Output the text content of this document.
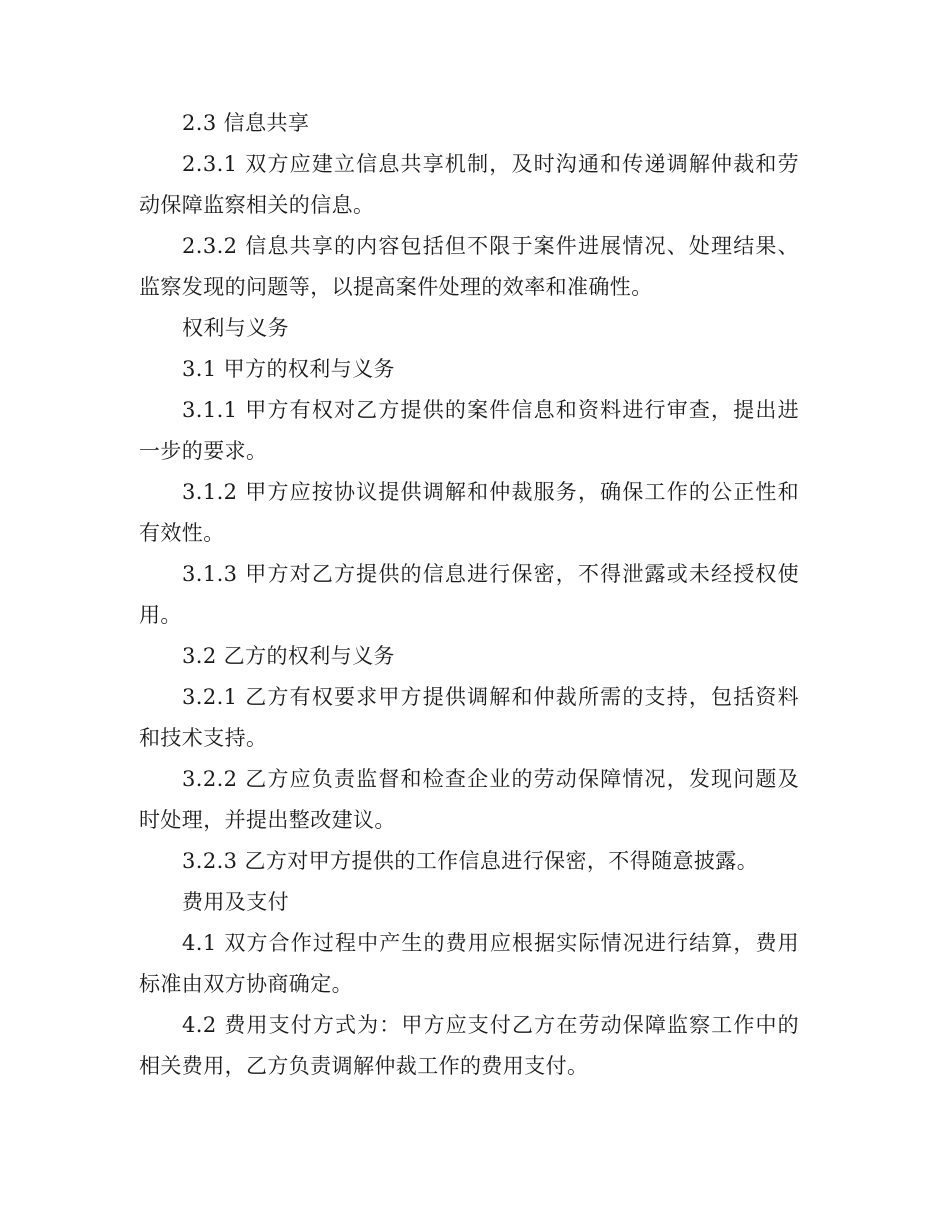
2.3 信息共享

2.3.1 双方应建立信息共享机制，及时沟通和传递调解仲裁和劳动保障监察相关的信息。

2.3.2 信息共享的内容包括但不限于案件进展情况、处理结果、监察发现的问题等，以提高案件处理的效率和准确性。

权利与义务

3.1 甲方的权利与义务

3.1.1 甲方有权对乙方提供的案件信息和资料进行审查，提出进一步的要求。

3.1.2 甲方应按协议提供调解和仲裁服务，确保工作的公正性和有效性。

3.1.3 甲方对乙方提供的信息进行保密，不得泄露或未经授权使用。

3.2 乙方的权利与义务

3.2.1 乙方有权要求甲方提供调解和仲裁所需的支持，包括资料和技术支持。

3.2.2 乙方应负责监督和检查企业的劳动保障情况，发现问题及时处理，并提出整改建议。

3.2.3 乙方对甲方提供的工作信息进行保密，不得随意披露。

费用及支付

4.1 双方合作过程中产生的费用应根据实际情况进行结算，费用标准由双方协商确定。

4.2 费用支付方式为：甲方应支付乙方在劳动保障监察工作中的相关费用，乙方负责调解仲裁工作的费用支付。
